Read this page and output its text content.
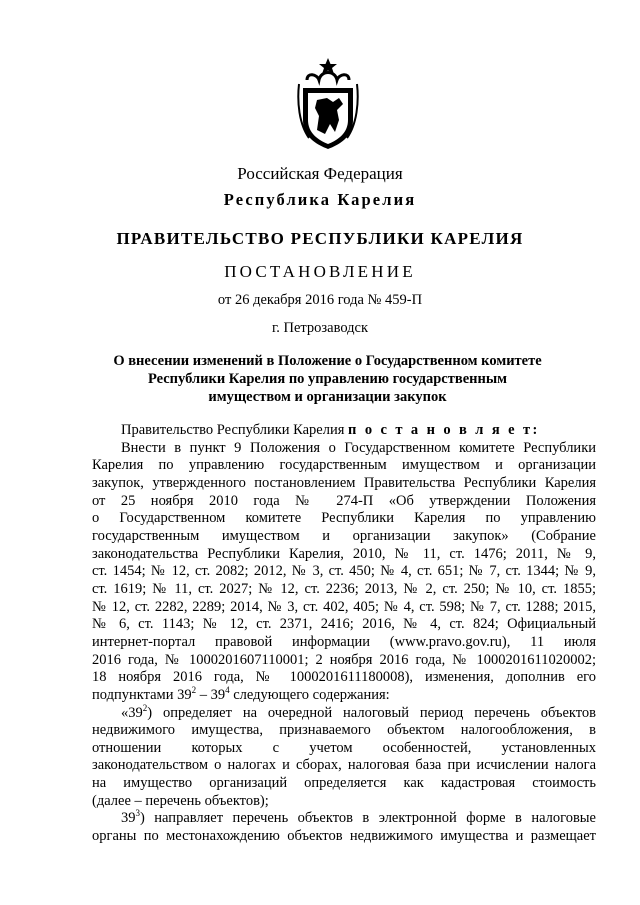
Российская Федерация
Республика Карелия
ПРАВИТЕЛЬСТВО РЕСПУБЛИКИ КАРЕЛИЯ
ПОСТАНОВЛЕНИЕ
от 26 декабря 2016 года № 459-П
г. Петрозаводск
О внесении изменений в Положение о Государственном комитете
Республики Карелия по управлению государственным
имуществом и организации закупок
Правительство Республики Карелия п о с т а н о в л я е т:
Внести в пункт 9 Положения о Государственном комитете Республики
Карелия по управлению государственным имуществом и организации
закупок, утвержденного постановлением Правительства Республики Карелия
от 25 ноября 2010 года № 274-П «Об утверждении Положения
о Государственном комитете Республики Карелия по управлению
государственным имуществом и организации закупок» (Собрание
законодательства Республики Карелия, 2010, № 11, ст. 1476; 2011, № 9,
ст. 1454; № 12, ст. 2082; 2012, № 3, ст. 450; № 4, ст. 651; № 7, ст. 1344; № 9,
ст. 1619; № 11, ст. 2027; № 12, ст. 2236; 2013, № 2, ст. 250; № 10, ст. 1855;
№ 12, ст. 2282, 2289; 2014, № 3, ст. 402, 405; № 4, ст. 598; № 7, ст. 1288; 2015,
№ 6, ст. 1143; № 12, ст. 2371, 2416; 2016, № 4, ст. 824; Официальный
интернет-портал правовой информации (www.pravo.gov.ru), 11 июля
2016 года, № 1000201607110001; 2 ноября 2016 года, № 1000201611020002;
18 ноября 2016 года, № 1000201611180008), изменения, дополнив его
подпунктами $39^2 - 39^4$ следующего содержания:
«$39^2$) определяет на очередной налоговый период перечень объектов
недвижимого имущества, признаваемого объектом налогообложения, в
отношении которых с учетом особенностей, установленных
законодательством о налогах и сборах, налоговая база при исчислении налога
на имущество организаций определяется как кадастровая стоимость
(далее – перечень объектов);
$39^3$) направляет перечень объектов в электронной форме в налоговые
органы по местонахождению объектов недвижимого имущества и размещает
